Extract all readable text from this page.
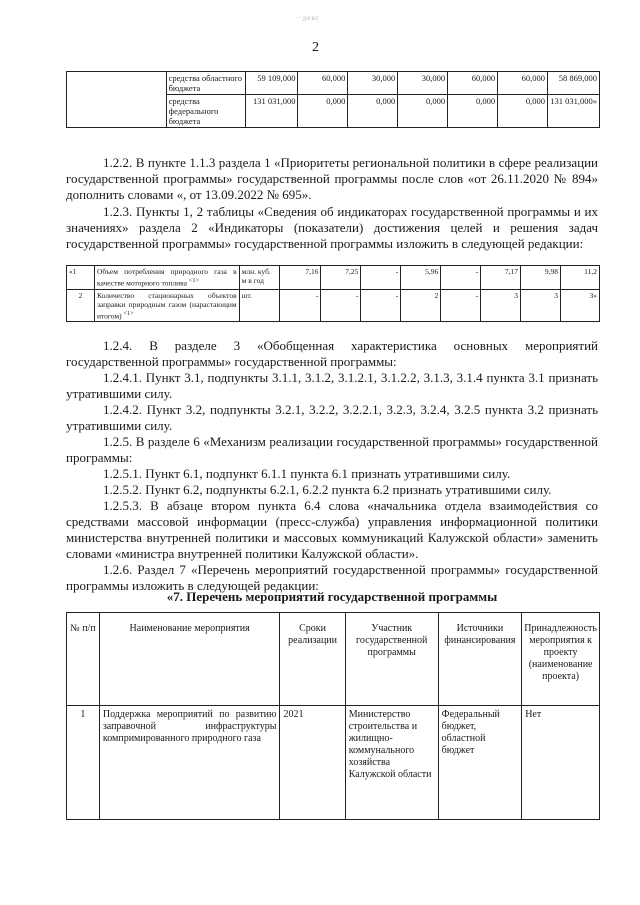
··декс
2
	средства областного бюджета	59 109,000	60,000	30,000	30,000	60,000	60,000	58 869,000
	средства федерального бюджета	131 031,000	0,000	0,000	0,000	0,000	0,000	131 031,000»
1.2.2. В пункте 1.1.3 раздела 1 «Приоритеты региональной политики в сфере реализации государственной программы» государственной программы после слов «от 26.11.2020 № 894» дополнить словами «, от 13.09.2022 № 695».
1.2.3. Пункты 1, 2 таблицы «Сведения об индикаторах государственной программы и их значениях» раздела 2 «Индикаторы (показатели) достижения целей и решения задач государственной программы» государственной программы изложить в следующей редакции:
«1	Объем потребления природного газа в качестве моторного топлива $^{<1>}$	млн. куб. м в год	7,16	7,25	-	5,96	-	7,17	9,98	11,2
2	Количество стационарных объектов заправки природным газом (нарастающим итогом) $^{<1>}$	шт.	-	-	-	2	-	3	3	3»
1.2.4. В разделе 3 «Обобщенная характеристика основных мероприятий государственной программы» государственной программы:
1.2.4.1. Пункт 3.1, подпункты 3.1.1, 3.1.2, 3.1.2.1, 3.1.2.2, 3.1.3, 3.1.4 пункта 3.1 признать утратившими силу.
1.2.4.2. Пункт 3.2, подпункты 3.2.1, 3.2.2, 3.2.2.1, 3.2.3, 3.2.4, 3.2.5 пункта 3.2 признать утратившими силу.
1.2.5. В разделе 6 «Механизм реализации государственной программы» государственной программы:
1.2.5.1. Пункт 6.1, подпункт 6.1.1 пункта 6.1 признать утратившими силу.
1.2.5.2. Пункт 6.2, подпункты 6.2.1, 6.2.2 пункта 6.2 признать утратившими силу.
1.2.5.3. В абзаце втором пункта 6.4 слова «начальника отдела взаимодействия со средствами массовой информации (пресс-служба) управления информационной политики министерства внутренней политики и массовых коммуникаций Калужской области» заменить словами «министра внутренней политики Калужской области».
1.2.6. Раздел 7 «Перечень мероприятий государственной программы» государственной программы изложить в следующей редакции:
«7. Перечень мероприятий государственной программы
№ п/п	Наименование мероприятия	Сроки реализации	Участник государственной программы	Источники финансирования	Принадлежность мероприятия к проекту (наименование проекта)
1	Поддержка мероприятий по развитию заправочной инфраструктуры компримированного природного газа	2021	Министерство строительства и жилищно-коммунального хозяйства Калужской области	Федеральный бюджет, областной бюджет	Нет
